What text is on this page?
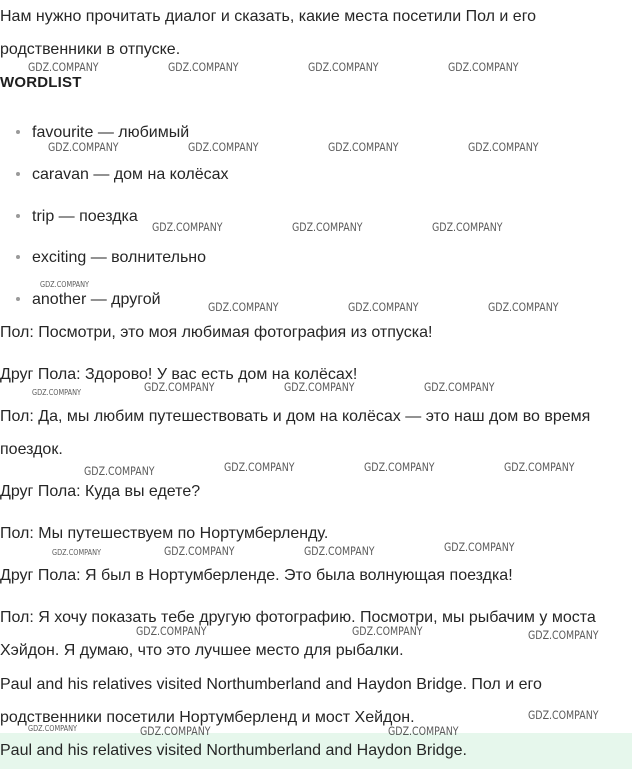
Нам нужно прочитать диалог и сказать, какие места посетили Пол и его
родственники в отпуске.
WORDLIST
favourite — любимый
caravan — дом на колёсах
trip — поездка
exciting — волнительно
another — другой
Пол: Посмотри, это моя любимая фотография из отпуска!
Друг Пола: Здорово! У вас есть дом на колёсах!
Пол: Да, мы любим путешествовать и дом на колёсах — это наш дом во время
поездок.
Друг Пола: Куда вы едете?
Пол: Мы путешествуем по Нортумберленду.
Друг Пола: Я был в Нортумберленде. Это была волнующая поездка!
Пол: Я хочу показать тебе другую фотографию. Посмотри, мы рыбачим у моста
Хэйдон. Я думаю, что это лучшее место для рыбалки.
Paul and his relatives visited Northumberland and Haydon Bridge. Пол и его
родственники посетили Нортумберленд и мост Хейдон.
Paul and his relatives visited Northumberland and Haydon Bridge.
GDZ.COMPANY	GDZ.COMPANY	GDZ.COMPANY	GDZ.COMPANY
GDZ.COMPANY	GDZ.COMPANY	GDZ.COMPANY	GDZ.COMPANY
GDZ.COMPANY	GDZ.COMPANY	GDZ.COMPANY
GDZ.COMPANY
GDZ.COMPANY	GDZ.COMPANY	GDZ.COMPANY
GDZ.COMPANY	GDZ.COMPANY	GDZ.COMPANY
GDZ.COMPANY
GDZ.COMPANY	GDZ.COMPANY	GDZ.COMPANY	GDZ.COMPANY
GDZ.COMPANY	GDZ.COMPANY	GDZ.COMPANY	GDZ.COMPANY
GDZ.COMPANY	GDZ.COMPANY	GDZ.COMPANY
GDZ.COMPANY
GDZ.COMPANY	GDZ.COMPANY	GDZ.COMPANY
